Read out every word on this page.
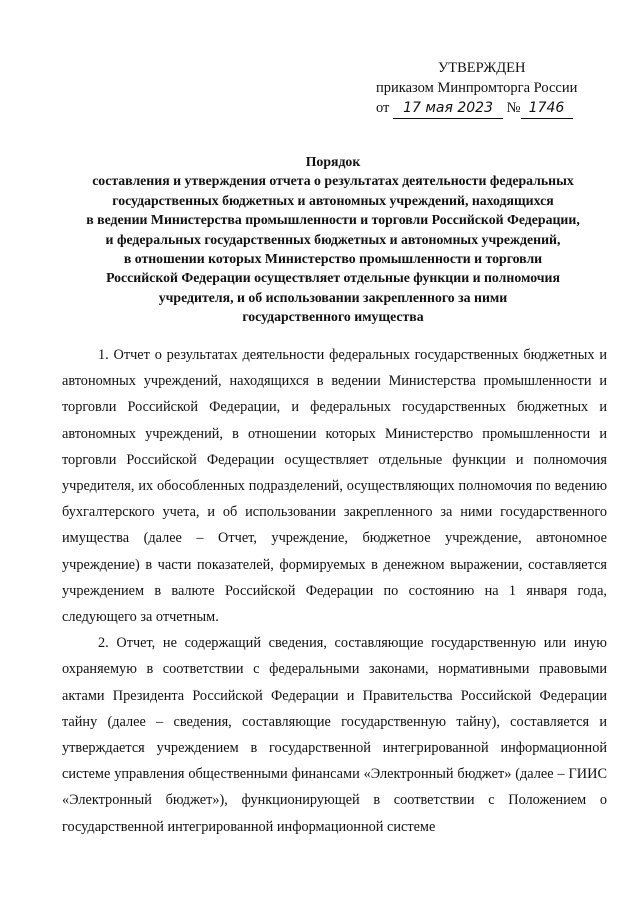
УТВЕРЖДЕН
приказом Минпромторга России
от 17 мая 2023 № 1746
Порядок
составления и утверждения отчета о результатах деятельности федеральных
государственных бюджетных и автономных учреждений, находящихся
в ведении Министерства промышленности и торговли Российской Федерации,
и федеральных государственных бюджетных и автономных учреждений,
в отношении которых Министерство промышленности и торговли
Российской Федерации осуществляет отдельные функции и полномочия
учредителя, и об использовании закрепленного за ними
государственного имущества

1. Отчет о результатах деятельности федеральных государственных бюджетных и автономных учреждений, находящихся в ведении Министерства промышленности и торговли Российской Федерации, и федеральных государственных бюджетных и автономных учреждений, в отношении которых Министерство промышленности и торговли Российской Федерации осуществляет отдельные функции и полномочия учредителя, их обособленных подразделений, осуществляющих полномочия по ведению бухгалтерского учета, и об использовании закрепленного за ними государственного имущества (далее – Отчет, учреждение, бюджетное учреждение, автономное учреждение) в части показателей, формируемых в денежном выражении, составляется учреждением в валюте Российской Федерации по состоянию на 1 января года, следующего за отчетным.

2. Отчет, не содержащий сведения, составляющие государственную или иную охраняемую в соответствии с федеральными законами, нормативными правовыми актами Президента Российской Федерации и Правительства Российской Федерации тайну (далее – сведения, составляющие государственную тайну), составляется и утверждается учреждением в государственной интегрированной информационной системе управления общественными финансами «Электронный бюджет» (далее – ГИИС «Электронный бюджет»), функционирующей в соответствии с Положением о государственной интегрированной информационной системе
